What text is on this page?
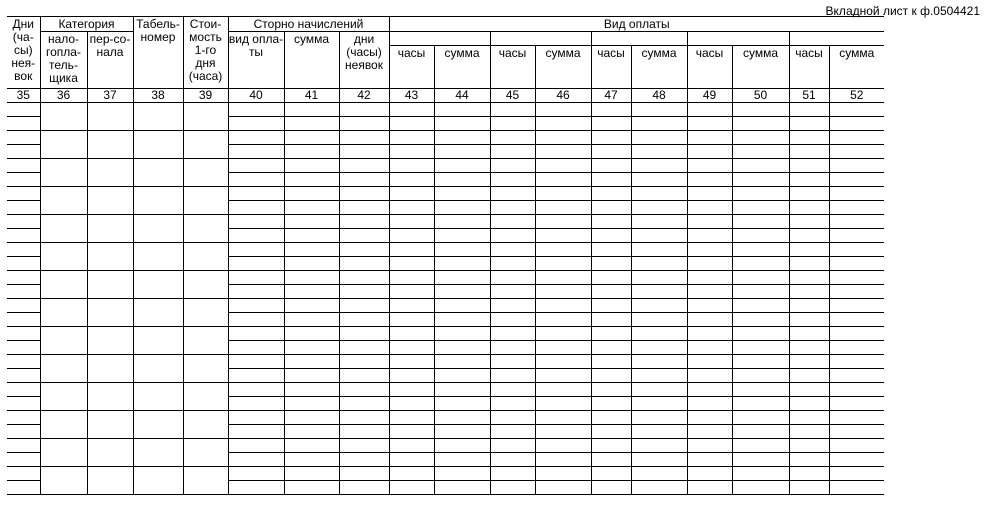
Вкладной лист к ф.0504421
Дни (ча-сы) нея-вок	Категория		Табель-номер	Стои-мость 1-го дня (часа)	Сторно начислений			Вид оплаты									
	нало-гопла-тель-щика	пер-со-нала			вид опла-ты	сумма	дни (часы) неявок										
								часы	сумма	часы	сумма	часы	сумма	часы	сумма	часы	сумма
35	36	37	38	39	40	41	42	43	44	45	46	47	48	49	50	51	52
